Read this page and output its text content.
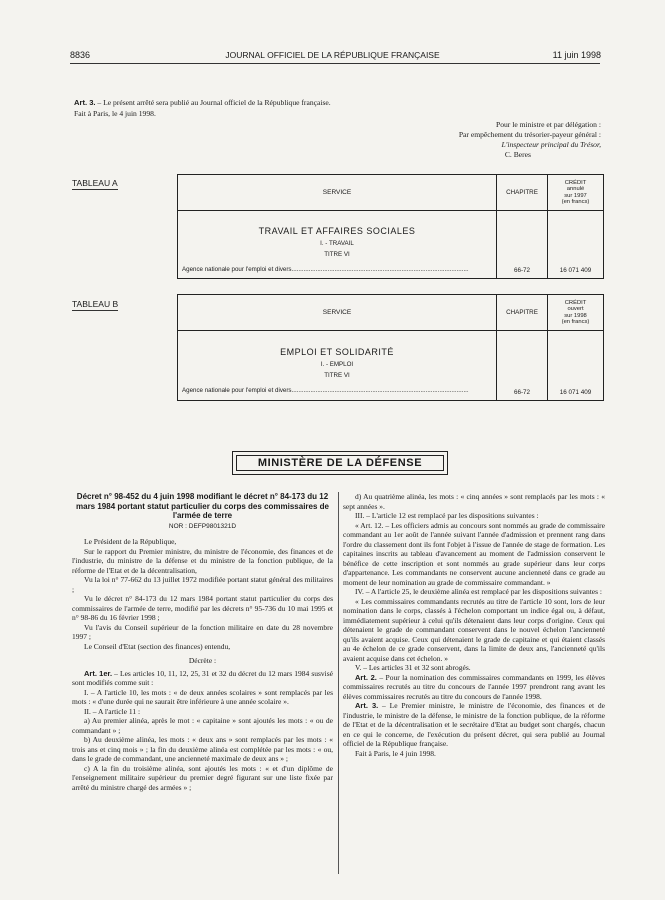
8836	JOURNAL OFFICIEL DE LA RÉPUBLIQUE FRANÇAISE	11 juin 1998
Art. 3. – Le présent arrêté sera publié au Journal officiel de la République française.
Fait à Paris, le 4 juin 1998.
Pour le ministre et par délégation :
Par empêchement du trésorier-payeur général :
L'inspecteur principal du Trésor,
C. Beres
TABLEAU A
SERVICE	CHAPITRE	CRÉDIT
annulé
sur 1997
(en francs)

TRAVAIL ET AFFAIRES SOCIALES
I. - TRAVAIL
TITRE VI
Agence nationale pour l'emploi et divers.......................................................................................................	66-72	16 071 409
TABLEAU B
SERVICE	CHAPITRE	CRÉDIT
ouvert
sur 1998
(en francs)

EMPLOI ET SOLIDARITÉ
I. - EMPLOI
TITRE VI
Agence nationale pour l'emploi et divers.......................................................................................................	66-72	16 071 409
MINISTÈRE DE LA DÉFENSE
Décret n° 98-452 du 4 juin 1998 modifiant le décret n° 84-173 du 12 mars 1984 portant statut particulier du corps des commissaires de l'armée de terre
NOR : DEFP9801321D

Le Président de la République,

Sur le rapport du Premier ministre, du ministre de l'économie, des finances et de l'industrie, du ministre de la défense et du ministre de la fonction publique, de la réforme de l'Etat et de la décentralisation,

Vu la loi n° 77-662 du 13 juillet 1972 modifiée portant statut général des militaires ;

Vu le décret n° 84-173 du 12 mars 1984 portant statut particulier du corps des commissaires de l'armée de terre, modifié par les décrets n° 95-736 du 10 mai 1995 et n° 98-86 du 16 février 1998 ;

Vu l'avis du Conseil supérieur de la fonction militaire en date du 28 novembre 1997 ;

Le Conseil d'Etat (section des finances) entendu,

Décrète :

Art. 1er. – Les articles 10, 11, 12, 25, 31 et 32 du décret du 12 mars 1984 susvisé sont modifiés comme suit :

I. – A l'article 10, les mots : « de deux années scolaires » sont remplacés par les mots : « d'une durée qui ne saurait être inférieure à une année scolaire ».

II. – A l'article 11 :

a) Au premier alinéa, après le mot : « capitaine » sont ajoutés les mots : « ou de commandant » ;

b) Au deuxième alinéa, les mots : « deux ans » sont remplacés par les mots : « trois ans et cinq mois » ; la fin du deuxième alinéa est complétée par les mots : « ou, dans le grade de commandant, une ancienneté maximale de deux ans » ;

c) A la fin du troisième alinéa, sont ajoutés les mots : « et d'un diplôme de l'enseignement militaire supérieur du premier degré figurant sur une liste fixée par arrêté du ministre chargé des armées » ;

d) Au quatrième alinéa, les mots : « cinq années » sont remplacés par les mots : « sept années ».

III. – L'article 12 est remplacé par les dispositions suivantes :

« Art. 12. – Les officiers admis au concours sont nommés au grade de commissaire commandant au 1er août de l'année suivant l'année d'admission et prennent rang dans l'ordre du classement dont ils font l'objet à l'issue de l'année de stage de formation. Les capitaines inscrits au tableau d'avancement au moment de l'admission conservent le bénéfice de cette inscription et sont nommés au grade supérieur dans leur corps d'appartenance. Les commandants ne conservent aucune ancienneté dans ce grade au moment de leur nomination au grade de commissaire commandant. »

IV. – A l'article 25, le deuxième alinéa est remplacé par les dispositions suivantes :

« Les commissaires commandants recrutés au titre de l'article 10 sont, lors de leur nomination dans le corps, classés à l'échelon comportant un indice égal ou, à défaut, immédiatement supérieur à celui qu'ils détenaient dans leur corps d'origine. Ceux qui détenaient le grade de commandant conservent dans le nouvel échelon l'ancienneté qu'ils avaient acquise. Ceux qui détenaient le grade de capitaine et qui étaient classés au 4e échelon de ce grade conservent, dans la limite de deux ans, l'ancienneté qu'ils avaient acquise dans cet échelon. »

V. – Les articles 31 et 32 sont abrogés.

Art. 2. – Pour la nomination des commissaires commandants en 1999, les élèves commissaires recrutés au titre du concours de l'année 1997 prendront rang avant les élèves commissaires recrutés au titre du concours de l'année 1998.

Art. 3. – Le Premier ministre, le ministre de l'économie, des finances et de l'industrie, le ministre de la défense, le ministre de la fonction publique, de la réforme de l'Etat et de la décentralisation et le secrétaire d'Etat au budget sont chargés, chacun en ce qui le concerne, de l'exécution du présent décret, qui sera publié au Journal officiel de la République française.

Fait à Paris, le 4 juin 1998.
